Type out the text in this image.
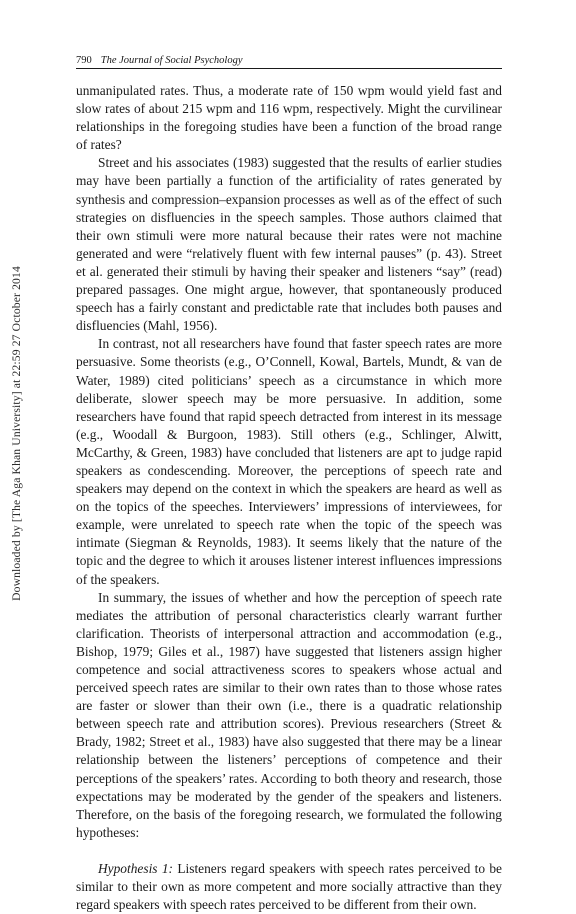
Downloaded by [The Aga Khan University] at 22:59 27 October 2014
790 The Journal of Social Psychology

unmanipulated rates. Thus, a moderate rate of 150 wpm would yield fast and slow rates of about 215 wpm and 116 wpm, respectively. Might the curvilinear relationships in the foregoing studies have been a function of the broad range of rates?

Street and his associates (1983) suggested that the results of earlier studies may have been partially a function of the artificiality of rates generated by synthesis and compression–expansion processes as well as of the effect of such strategies on disfluencies in the speech samples. Those authors claimed that their own stimuli were more natural because their rates were not machine generated and were “relatively fluent with few internal pauses” (p. 43). Street et al. generated their stimuli by having their speaker and listeners “say” (read) prepared passages. One might argue, however, that spontaneously produced speech has a fairly constant and predictable rate that includes both pauses and disfluencies (Mahl, 1956).

In contrast, not all researchers have found that faster speech rates are more persuasive. Some theorists (e.g., O’Connell, Kowal, Bartels, Mundt, & van de Water, 1989) cited politicians’ speech as a circumstance in which more deliberate, slower speech may be more persuasive. In addition, some researchers have found that rapid speech detracted from interest in its message (e.g., Woodall & Burgoon, 1983). Still others (e.g., Schlinger, Alwitt, McCarthy, & Green, 1983) have concluded that listeners are apt to judge rapid speakers as condescending. Moreover, the perceptions of speech rate and speakers may depend on the context in which the speakers are heard as well as on the topics of the speeches. Interviewers’ impressions of interviewees, for example, were unrelated to speech rate when the topic of the speech was intimate (Siegman & Reynolds, 1983). It seems likely that the nature of the topic and the degree to which it arouses listener interest influences impressions of the speakers.

In summary, the issues of whether and how the perception of speech rate mediates the attribution of personal characteristics clearly warrant further clarification. Theorists of interpersonal attraction and accommodation (e.g., Bishop, 1979; Giles et al., 1987) have suggested that listeners assign higher competence and social attractiveness scores to speakers whose actual and perceived speech rates are similar to their own rates than to those whose rates are faster or slower than their own (i.e., there is a quadratic relationship between speech rate and attribution scores). Previous researchers (Street & Brady, 1982; Street et al., 1983) have also suggested that there may be a linear relationship between the listeners’ perceptions of competence and their perceptions of the speakers’ rates. According to both theory and research, those expectations may be moderated by the gender of the speakers and listeners. Therefore, on the basis of the foregoing research, we formulated the following hypotheses:

Hypothesis 1: Listeners regard speakers with speech rates perceived to be similar to their own as more competent and more socially attractive than they regard speakers with speech rates perceived to be different from their own.
